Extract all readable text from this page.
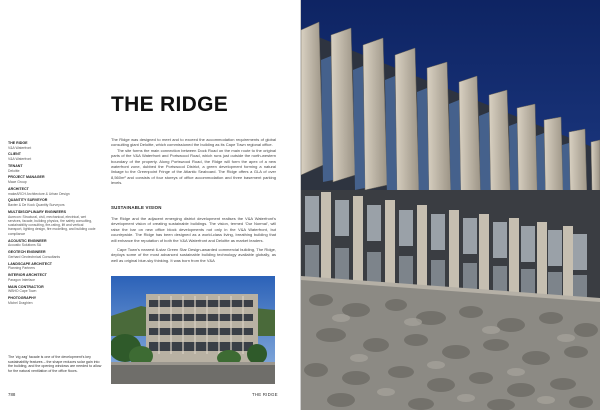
THE RIDGE
THE RIDGE
V&A Waterfront
CLIENT
V&A Waterfront
TENANT
Deloitte
PROJECT MANAGER
Mace Group
ARCHITECT
makeARCH Architecture & Urban Design
QUANTITY SURVEYOR
Baxter & De Kock Quantity Surveyors
MULTIDISCIPLINARY ENGINEERS
Aurecon: Structural, civil, mechanical, electrical, wet services, facade, building physics, fire safety consulting, sustainability consulting, fire-rating, lift and vertical transport, lighting design, fire modelling, and building code compliance
ACOUSTIC ENGINEER
Acoustic Solutions SA
GEOTECH ENGINEER
Gerhard Geotechnical Consultants
LANDSCAPE ARCHITECT
Planning Partners
INTERIOR ARCHITECT
Paragon Interface
MAIN CONTRACTOR
WBHO Cape Town
PHOTOGRAPHY
Michel Draghien

The Ridge was designed to meet and to exceed the accommodation requirements of global consulting giant Deloitte, which commissioned the building as its Cape Town regional office.

The site forms the main connection between Dock Road on the main route to the original parts of the V&A Waterfront and Portswood Road, which runs just outside the north-western boundary of the property. Along Portswood Road, the Ridge will form the apex of a new waterfront zone, dubbed the Portswood District, a green development forming a natural linkage to the Greenpoint Fringe of the Atlantic Seaboard. The Ridge offers a GLA of over 8,560m² and consists of four storeys of office accommodation and three basement parking levels.

SUSTAINABLE VISION

The Ridge and the adjacent emerging district development realises the V&A Waterfront's development vision of creating sustainable buildings. The vision, termed 'Our Normal', will raise the bar on new office block developments not only in the V&A Waterfront, but countrywide. The Ridge has been designed as a world-class living, breathing building that will enhance the reputation of both the V&A Waterfront and Deloitte as market leaders.

Cape Town's nearest 6-star Green Star Design-awarded commercial building, The Ridge, deploys some of the most advanced sustainable building technology available globally, as well as original blue-sky thinking. It was born from the V&A

The 'zig zag' facade is one of the development's key sustainability features – the shape reduces solar gain into the building, and the opening windows are needed to allow for the natural ventilation of the office floors.
788	THE RIDGE
